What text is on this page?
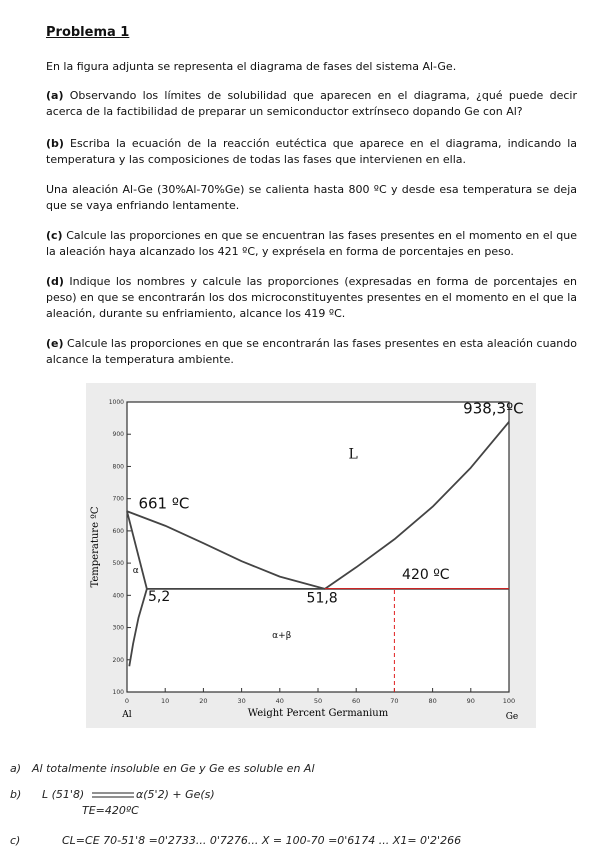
Problema 1
En la figura adjunta se representa el diagrama de fases del sistema Al-Ge.
(a) Observando los límites de solubilidad que aparecen en el diagrama, ¿qué puede decir acerca de la factibilidad de preparar un semiconductor extrínseco dopando Ge con Al?
(b) Escriba la ecuación de la reacción eutéctica que aparece en el diagrama, indicando la temperatura y las composiciones de todas las fases que intervienen en ella.
Una aleación Al-Ge (30%Al-70%Ge) se calienta hasta 800 ºC y desde esa temperatura se deja que se vaya enfriando lentamente.
(c) Calcule las proporciones en que se encuentran las fases presentes en el momento en el que la aleación haya alcanzado los 421 ºC, y exprésela en forma de porcentajes en peso.
(d) Indique los nombres y calcule las proporciones (expresadas en forma de porcentajes en peso) en que se encontrarán los dos microconstituyentes presentes en el momento en el que la aleación, durante su enfriamiento, alcance los 419 ºC.
(e) Calcule las proporciones en que se encontrarán las fases presentes en esta aleación cuando alcance la temperatura ambiente.
0	10	20	30	40	50	60	70	80	90	100
100
200
300
400
500
600
700
800
900
1000
Al	Ge
Weight Percent Germanium
Temperature ºC
938,3ºC
L
661 ºC
α	420 ºC
5,2	51,8
α+β
a) Al totalmente insoluble en Ge y Ge es soluble en Al
b) L (51'8)	α(5'2) + Ge(s)
TE=420ºC
c)	CL=CE 70-51'8 =0'2733... 0'7276... X = 100-70 =0'6174 ... X1= 0'2'266
